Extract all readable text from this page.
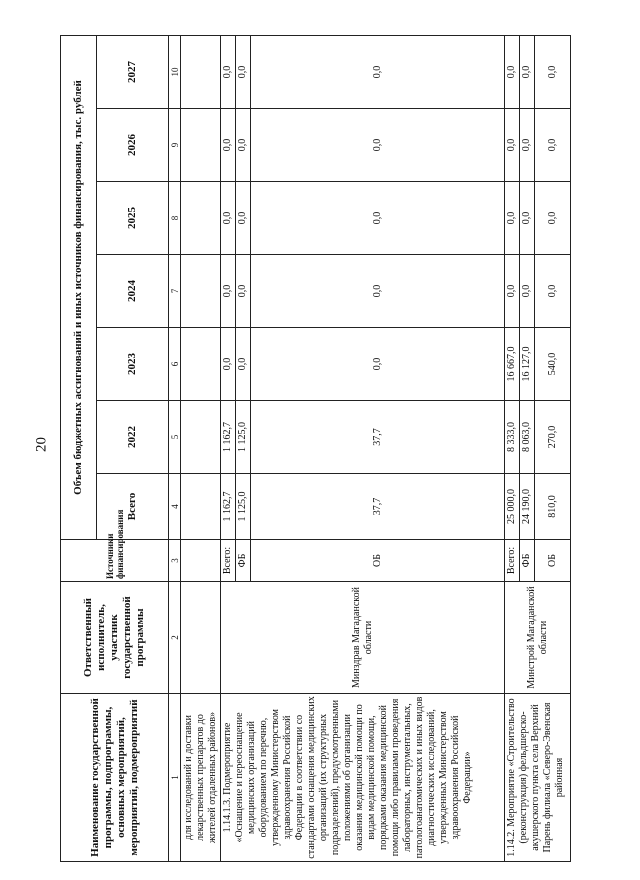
20
Наименование государственной программы, подпрограммы, основных мероприятий, мероприятий, подмероприятий	Ответственный исполнитель, участник государственной программы	Источники финансирования	Объем бюджетных ассигнований и иных источников финансирования, тыс. рублей						
			Всего	2022	2023	2024	2025	2026	2027
1	2	3	4	5	6	7	8	9	10
для исследований и доставки лекарственных препаратов до жителей отдаленных районов»									
1.14.1.3. Подмероприятие «Оснащение и переоснащение медицинских организаций оборудованием по перечню, утвержденному Министерством здравоохранения Российской Федерации в соответствии со стандартами оснащения медицинских организаций (их структурных подразделений), предусмотренными положениями об организации оказания медицинской помощи по видам медицинской помощи, порядками оказания медицинской помощи либо правилами проведения лабораторных, инструментальных, патологоанатомических и иных видов диагностических исследований, утвержденных Министерством здравоохранения Российской Федерации»	Минздрав Магаданской области	Всего:	1 162,7	1 162,7	0,0	0,0	0,0	0,0	0,0
		ФБ	1 125,0	1 125,0	0,0	0,0	0,0	0,0	0,0
		ОБ	37,7	37,7	0,0	0,0	0,0	0,0	0,0
1.14.2. Мероприятие «Строительство (реконструкция) фельдшерско-акушерского пункта села Верхний Парень филиала «Северо-Эвенская районная	Минстрой Магаданской области	Всего:	25 000,0	8 333,0	16 667,0	0,0	0,0	0,0	0,0
		ФБ	24 190,0	8 063,0	16 127,0	0,0	0,0	0,0	0,0
		ОБ	810,0	270,0	540,0	0,0	0,0	0,0	0,0
